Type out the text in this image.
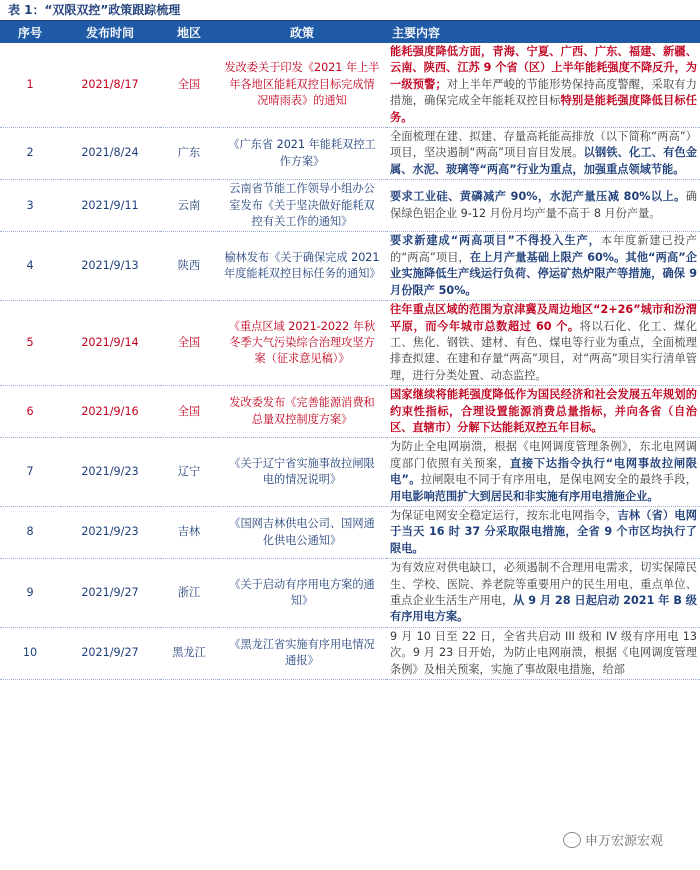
表 1：“双限双控”政策跟踪梳理
序号	发布时间	地区	政策	主要内容
1	2021/8/17	全国	发改委关于印发《2021 年上半年各地区能耗双控目标完成情况晴雨表》的通知	能耗强度降低方面，青海、宁夏、广西、广东、福建、新疆、云南、陕西、江苏 9 个省（区）上半年能耗强度不降反升，为一级预警；对上半年严峻的节能形势保持高度警醒，采取有力措施，确保完成全年能耗双控目标特别是能耗强度降低目标任务。
2	2021/8/24	广东	《广东省 2021 年能耗双控工作方案》	全面梳理在建、拟建、存量高耗能高排放（以下简称“两高”）项目，坚决遏制“两高”项目盲目发展。以钢铁、化工、有色金属、水泥、玻璃等“两高”行业为重点，加强重点领域节能。
3	2021/9/11	云南	云南省节能工作领导小组办公室发布《关于坚决做好能耗双控有关工作的通知》	要求工业硅、黄磷减产 90%，水泥产量压减 80%以上。确保绿色铝企业 9-12 月份月均产量不高于 8 月份产量。
4	2021/9/13	陕西	榆林发布《关于确保完成 2021 年度能耗双控目标任务的通知》	要求新建成“两高项目”不得投入生产，本年度新建已投产的“两高”项目，在上月产量基础上限产 60%。其他“两高”企业实施降低生产线运行负荷、停运矿热炉限产等措施，确保 9 月份限产 50%。
5	2021/9/14	全国	《重点区域 2021-2022 年秋冬季大气污染综合治理攻坚方案（征求意见稿）》	往年重点区域的范围为京津冀及周边地区“2+26”城市和汾渭平原，而今年城市总数超过 60 个。将以石化、化工、煤化工、焦化、钢铁、建材、有色、煤电等行业为重点，全面梳理排查拟建、在建和存量“两高”项目，对“两高”项目实行清单管理，进行分类处置、动态监控。
6	2021/9/16	全国	发改委发布《完善能源消费和总量双控制度方案》	国家继续将能耗强度降低作为国民经济和社会发展五年规划的约束性指标，合理设置能源消费总量指标，并向各省（自治区、直辖市）分解下达能耗双控五年目标。
7	2021/9/23	辽宁	《关于辽宁省实施事故拉闸限电的情况说明》	为防止全电网崩溃，根据《电网调度管理条例》，东北电网调度部门依照有关预案，直接下达指令执行“电网事故拉闸限电”。拉闸限电不同于有序用电，是保电网安全的最终手段，用电影响范围扩大到居民和非实施有序用电措施企业。
8	2021/9/23	吉林	《国网吉林供电公司、国网通化供电公通知》	为保证电网安全稳定运行，按东北电网指令，吉林（省）电网于当天 16 时 37 分采取限电措施，全省 9 个市区均执行了限电。
9	2021/9/27	浙江	《关于启动有序用电方案的通知》	为有效应对供电缺口，必须遏制不合理用电需求，切实保障民生、学校、医院、养老院等重要用户的民生用电、重点单位、重点企业生活生产用电，从 9 月 28 日起启动 2021 年 B 级有序用电方案。
10	2021/9/27	黑龙江	《黑龙江省实施有序用电情况通报》	9 月 10 日至 22 日，全省共启动 III 级和 IV 级有序用电 13 次。9 月 23 日开始，为防止电网崩溃，根据《电网调度管理条例》及相关预案，实施了事故限电措施，给部
申万宏源宏观
